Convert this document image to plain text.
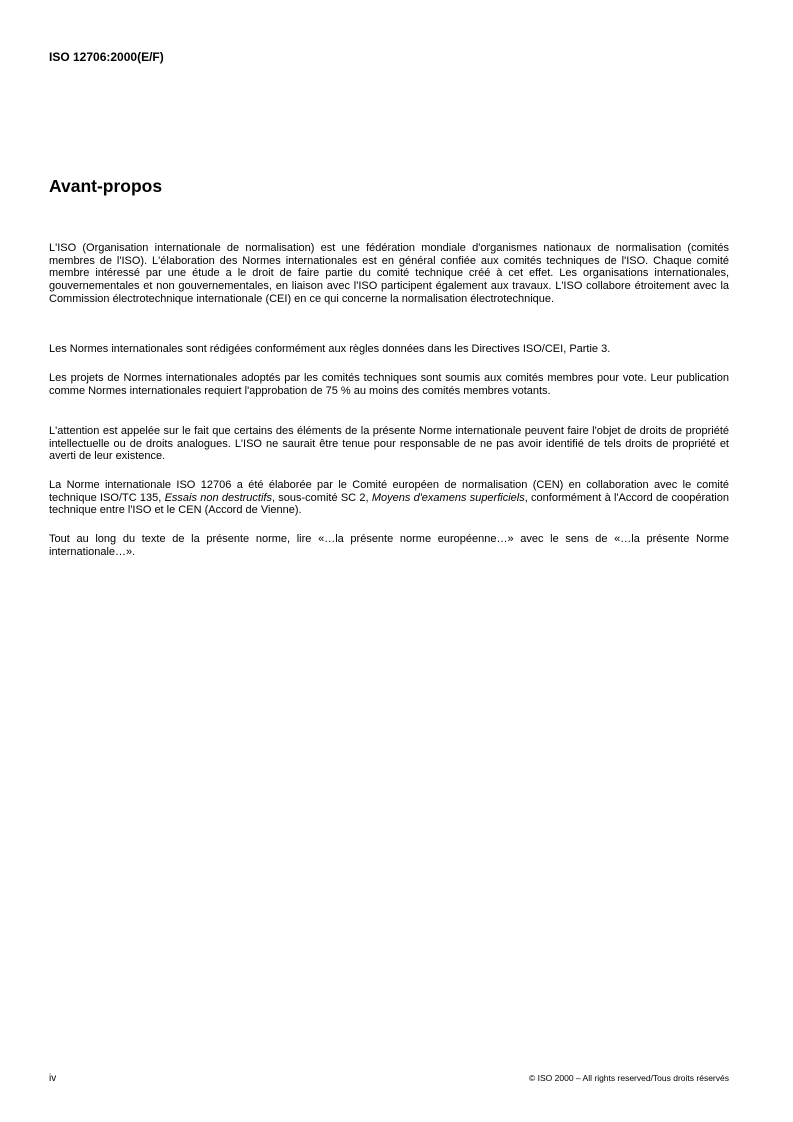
ISO 12706:2000(E/F)
Avant-propos

L'ISO (Organisation internationale de normalisation) est une fédération mondiale d'organismes nationaux de normalisation (comités membres de l'ISO). L'élaboration des Normes internationales est en général confiée aux comités techniques de l'ISO. Chaque comité membre intéressé par une étude a le droit de faire partie du comité technique créé à cet effet. Les organisations internationales, gouvernementales et non gouvernementales, en liaison avec l'ISO participent également aux travaux. L'ISO collabore étroitement avec la Commission électrotechnique internationale (CEI) en ce qui concerne la normalisation électrotechnique.

Les Normes internationales sont rédigées conformément aux règles données dans les Directives ISO/CEI, Partie 3.

Les projets de Normes internationales adoptés par les comités techniques sont soumis aux comités membres pour vote. Leur publication comme Normes internationales requiert l'approbation de 75 % au moins des comités membres votants.

L'attention est appelée sur le fait que certains des éléments de la présente Norme internationale peuvent faire l'objet de droits de propriété intellectuelle ou de droits analogues. L'ISO ne saurait être tenue pour responsable de ne pas avoir identifié de tels droits de propriété et averti de leur existence.

La Norme internationale ISO 12706 a été élaborée par le Comité européen de normalisation (CEN) en collaboration avec le comité technique ISO/TC 135, Essais non destructifs, sous-comité SC 2, Moyens d'examens superficiels, conformément à l'Accord de coopération technique entre l'ISO et le CEN (Accord de Vienne).

Tout au long du texte de la présente norme, lire «…la présente norme européenne…» avec le sens de «…la présente Norme internationale…».

iv	© ISO 2000 – All rights reserved/Tous droits réservés
